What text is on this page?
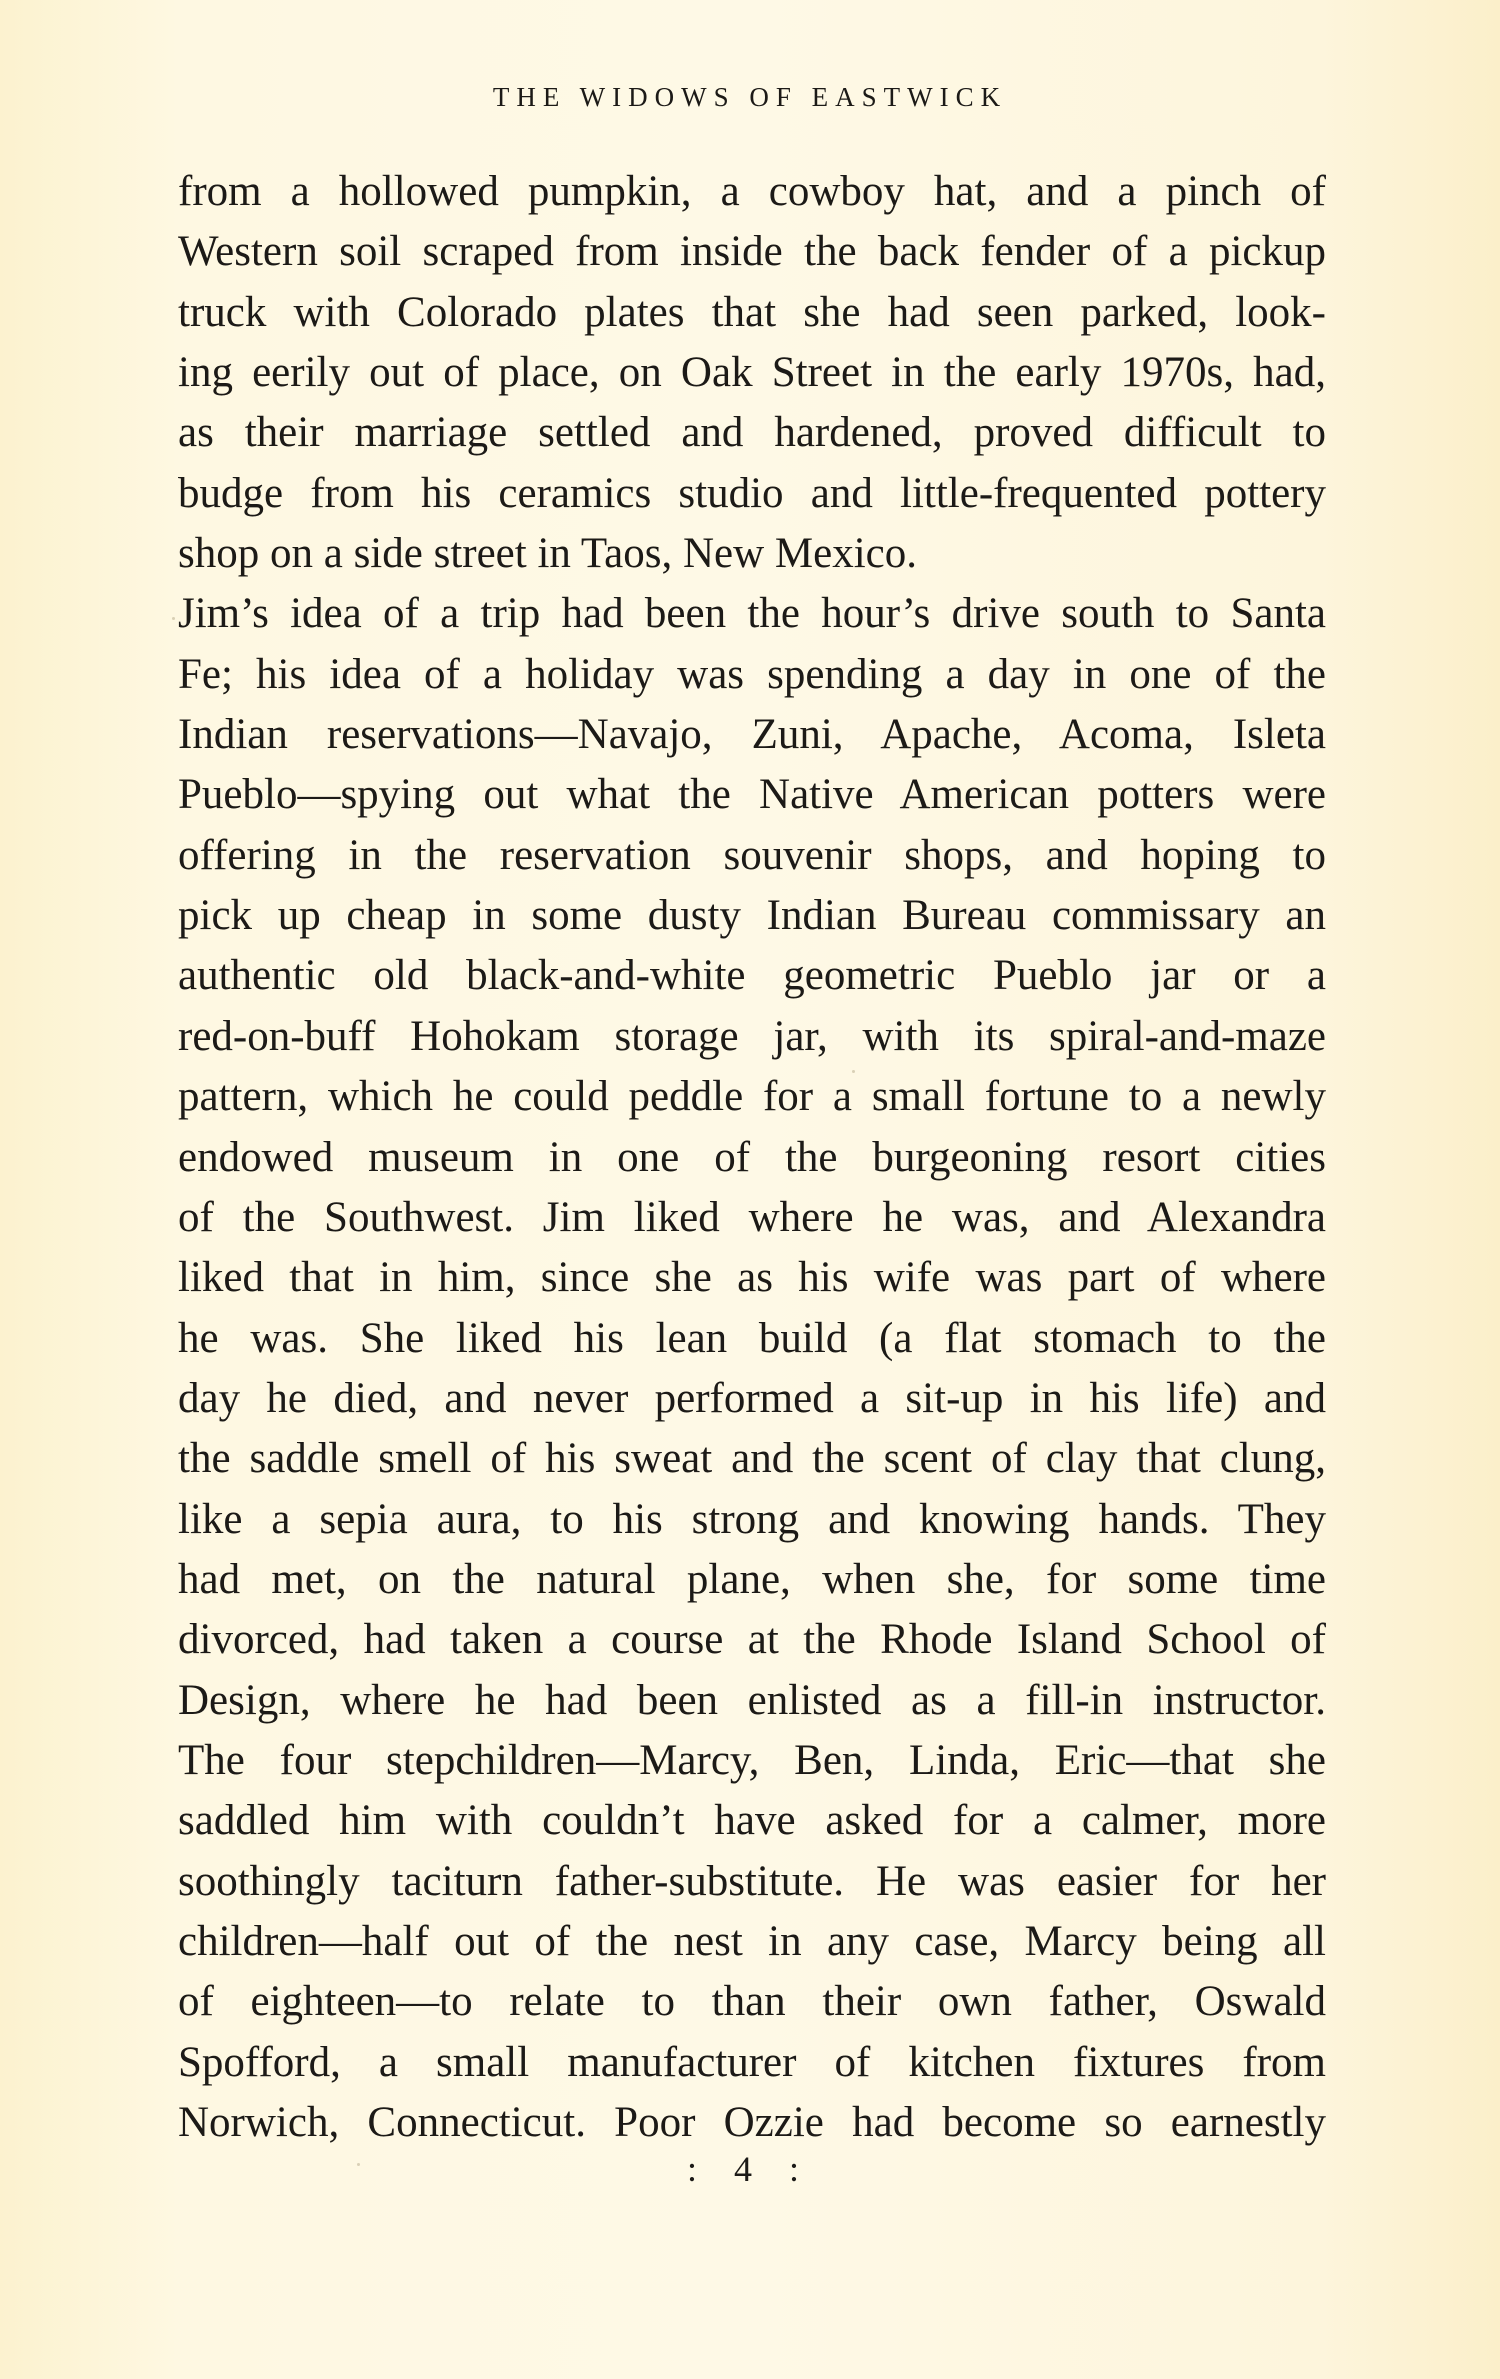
THE WIDOWS OF EASTWICK
from a hollowed pumpkin, a cowboy hat, and a pinch of
Western soil scraped from inside the back fender of a pickup
truck with Colorado plates that she had seen parked, look-
ing eerily out of place, on Oak Street in the early 1970s, had,
as their marriage settled and hardened, proved difficult to
budge from his ceramics studio and little-frequented pottery
shop on a side street in Taos, New Mexico.
Jim’s idea of a trip had been the hour’s drive south to Santa
Fe; his idea of a holiday was spending a day in one of the
Indian reservations—Navajo, Zuni, Apache, Acoma, Isleta
Pueblo—spying out what the Native American potters were
offering in the reservation souvenir shops, and hoping to
pick up cheap in some dusty Indian Bureau commissary an
authentic old black-and-white geometric Pueblo jar or a
red-on-buff Hohokam storage jar, with its spiral-and-maze
pattern, which he could peddle for a small fortune to a newly
endowed museum in one of the burgeoning resort cities
of the Southwest. Jim liked where he was, and Alexandra
liked that in him, since she as his wife was part of where
he was. She liked his lean build (a flat stomach to the
day he died, and never performed a sit-up in his life) and
the saddle smell of his sweat and the scent of clay that clung,
like a sepia aura, to his strong and knowing hands. They
had met, on the natural plane, when she, for some time
divorced, had taken a course at the Rhode Island School of
Design, where he had been enlisted as a fill-in instructor.
The four stepchildren—Marcy, Ben, Linda, Eric—that she
saddled him with couldn’t have asked for a calmer, more
soothingly taciturn father-substitute. He was easier for her
children—half out of the nest in any case, Marcy being all
of eighteen—to relate to than their own father, Oswald
Spofford, a small manufacturer of kitchen fixtures from
Norwich, Connecticut. Poor Ozzie had become so earnestly
: 4 :
